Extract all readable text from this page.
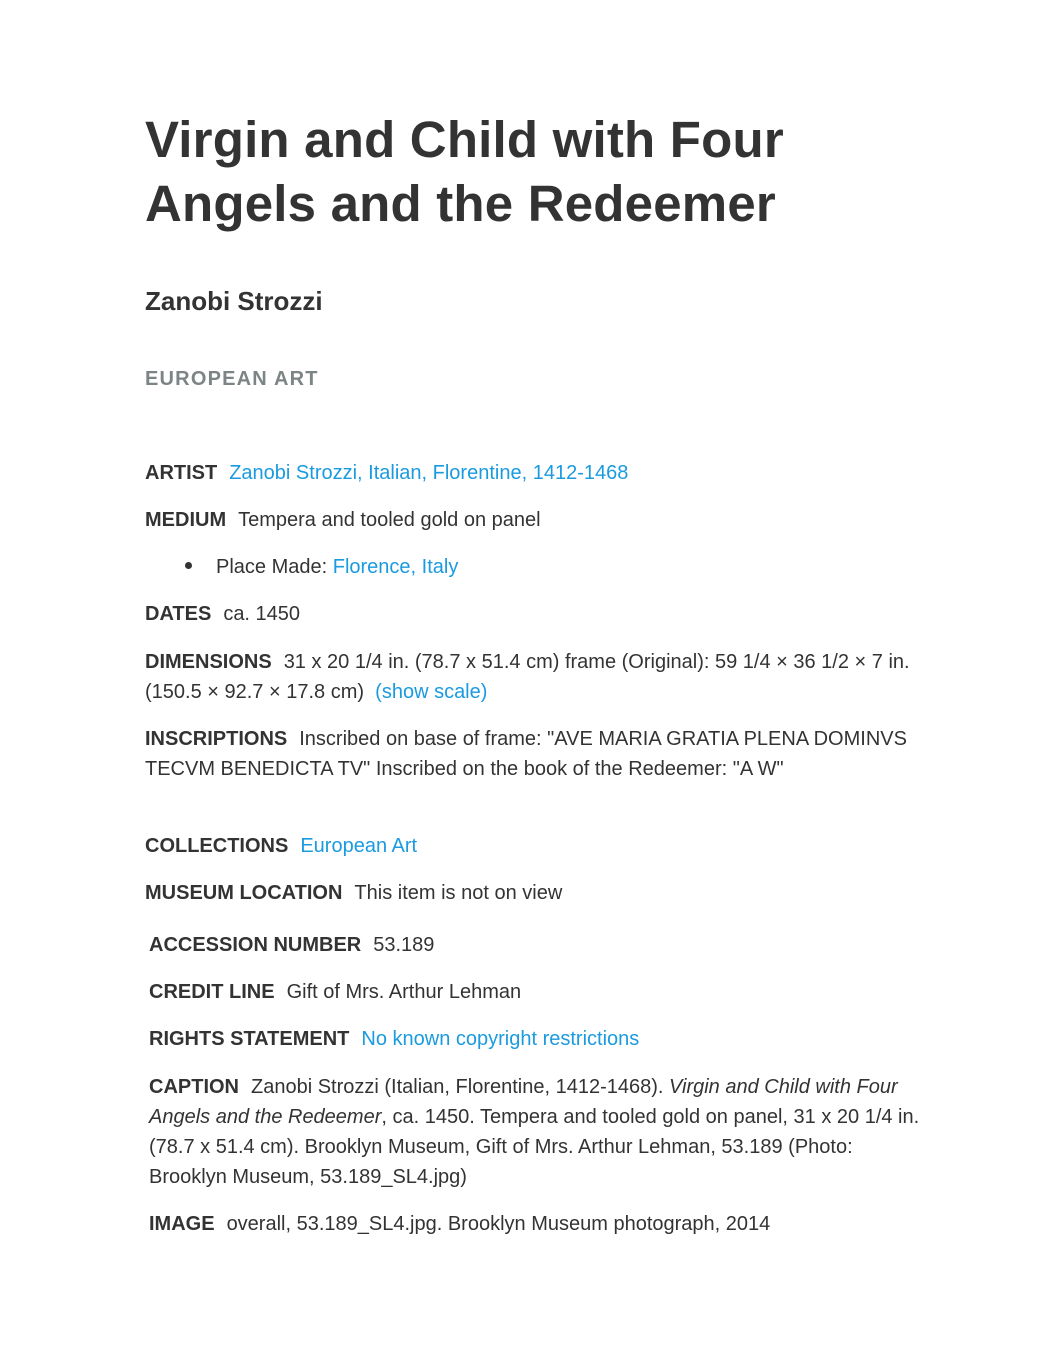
Virgin and Child with Four Angels and the Redeemer
Zanobi Strozzi
EUROPEAN ART

ARTIST Zanobi Strozzi, Italian, Florentine, 1412-1468

MEDIUM Tempera and tooled gold on panel

Place Made: Florence, Italy

DATES ca. 1450

DIMENSIONS 31 x 20 1/4 in. (78.7 x 51.4 cm) frame (Original): 59 1/4 × 36 1/2 × 7 in. (150.5 × 92.7 × 17.8 cm) (show scale)

INSCRIPTIONS Inscribed on base of frame: "AVE MARIA GRATIA PLENA DOMINVS TECVM BENEDICTA TV" Inscribed on the book of the Redeemer: "A W"

COLLECTIONS European Art

MUSEUM LOCATION This item is not on view

ACCESSION NUMBER 53.189

CREDIT LINE Gift of Mrs. Arthur Lehman

RIGHTS STATEMENT No known copyright restrictions

CAPTION Zanobi Strozzi (Italian, Florentine, 1412-1468). Virgin and Child with Four Angels and the Redeemer, ca. 1450. Tempera and tooled gold on panel, 31 x 20 1/4 in. (78.7 x 51.4 cm). Brooklyn Museum, Gift of Mrs. Arthur Lehman, 53.189 (Photo: Brooklyn Museum, 53.189_SL4.jpg)

IMAGE overall, 53.189_SL4.jpg. Brooklyn Museum photograph, 2014
